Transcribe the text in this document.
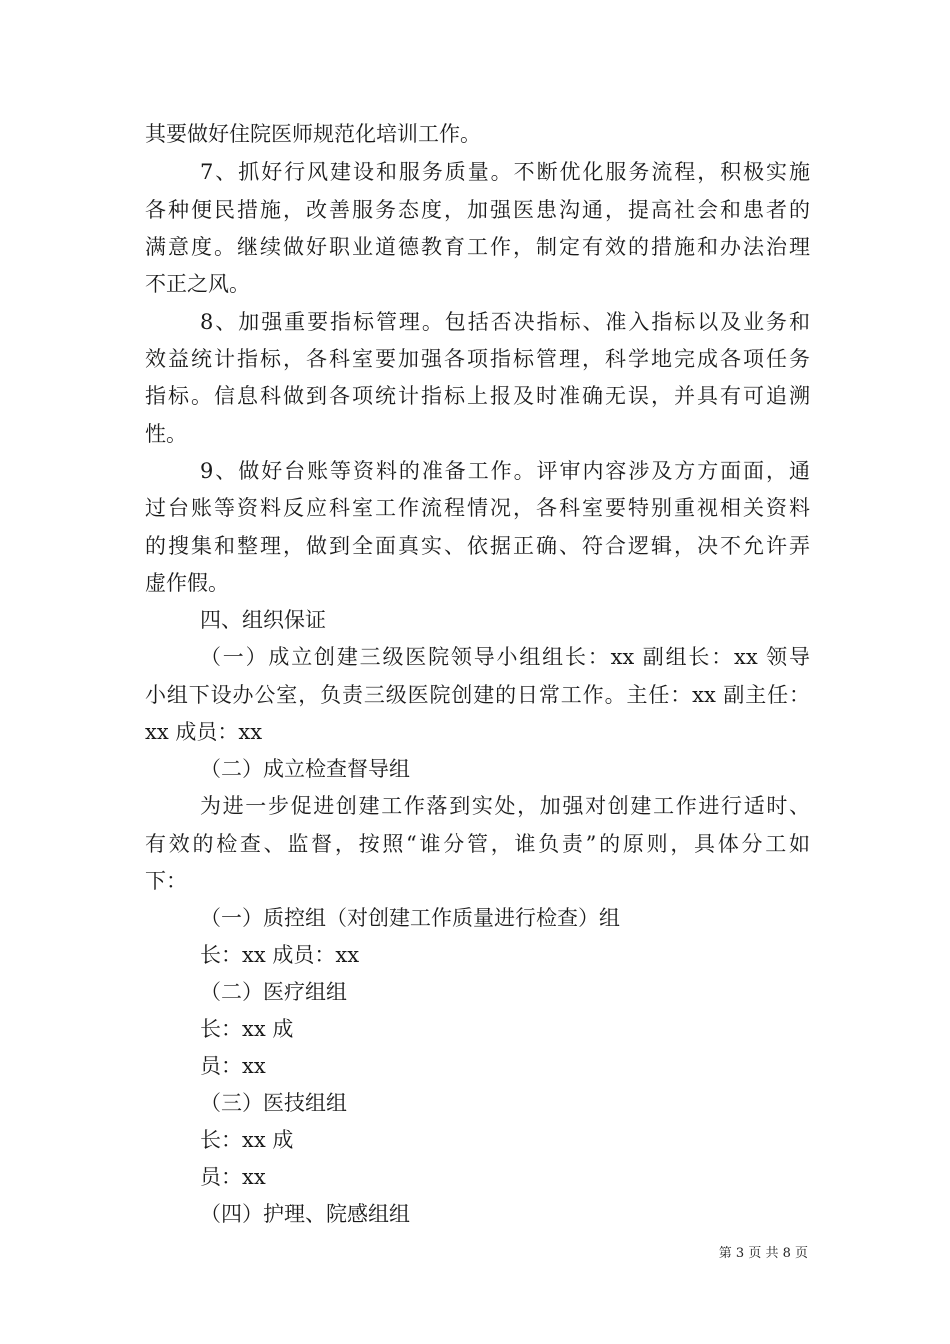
其要做好住院医师规范化培训工作。
7、抓好行风建设和服务质量。不断优化服务流程，积极实施
各种便民措施，改善服务态度，加强医患沟通，提高社会和患者的
满意度。继续做好职业道德教育工作，制定有效的措施和办法治理
不正之风。
8、加强重要指标管理。包括否决指标、准入指标以及业务和
效益统计指标，各科室要加强各项指标管理，科学地完成各项任务
指标。信息科做到各项统计指标上报及时准确无误，并具有可追溯
性。
9、做好台账等资料的准备工作。评审内容涉及方方面面，通
过台账等资料反应科室工作流程情况，各科室要特别重视相关资料
的搜集和整理，做到全面真实、依据正确、符合逻辑，决不允许弄
虚作假。
四、组织保证
（一）成立创建三级医院领导小组组长：xx 副组长：xx 领导
小组下设办公室，负责三级医院创建的日常工作。主任：xx 副主任：
xx 成员：xx
（二）成立检查督导组
为进一步促进创建工作落到实处，加强对创建工作进行适时、
有效的检查、监督，按照“谁分管，谁负责”的原则，具体分工如
下：
（一）质控组（对创建工作质量进行检查）组
长：xx 成员：xx
（二）医疗组组
长：xx 成
员：xx
（三）医技组组
长：xx 成
员：xx
（四）护理、院感组组
第 3 页 共 8 页
